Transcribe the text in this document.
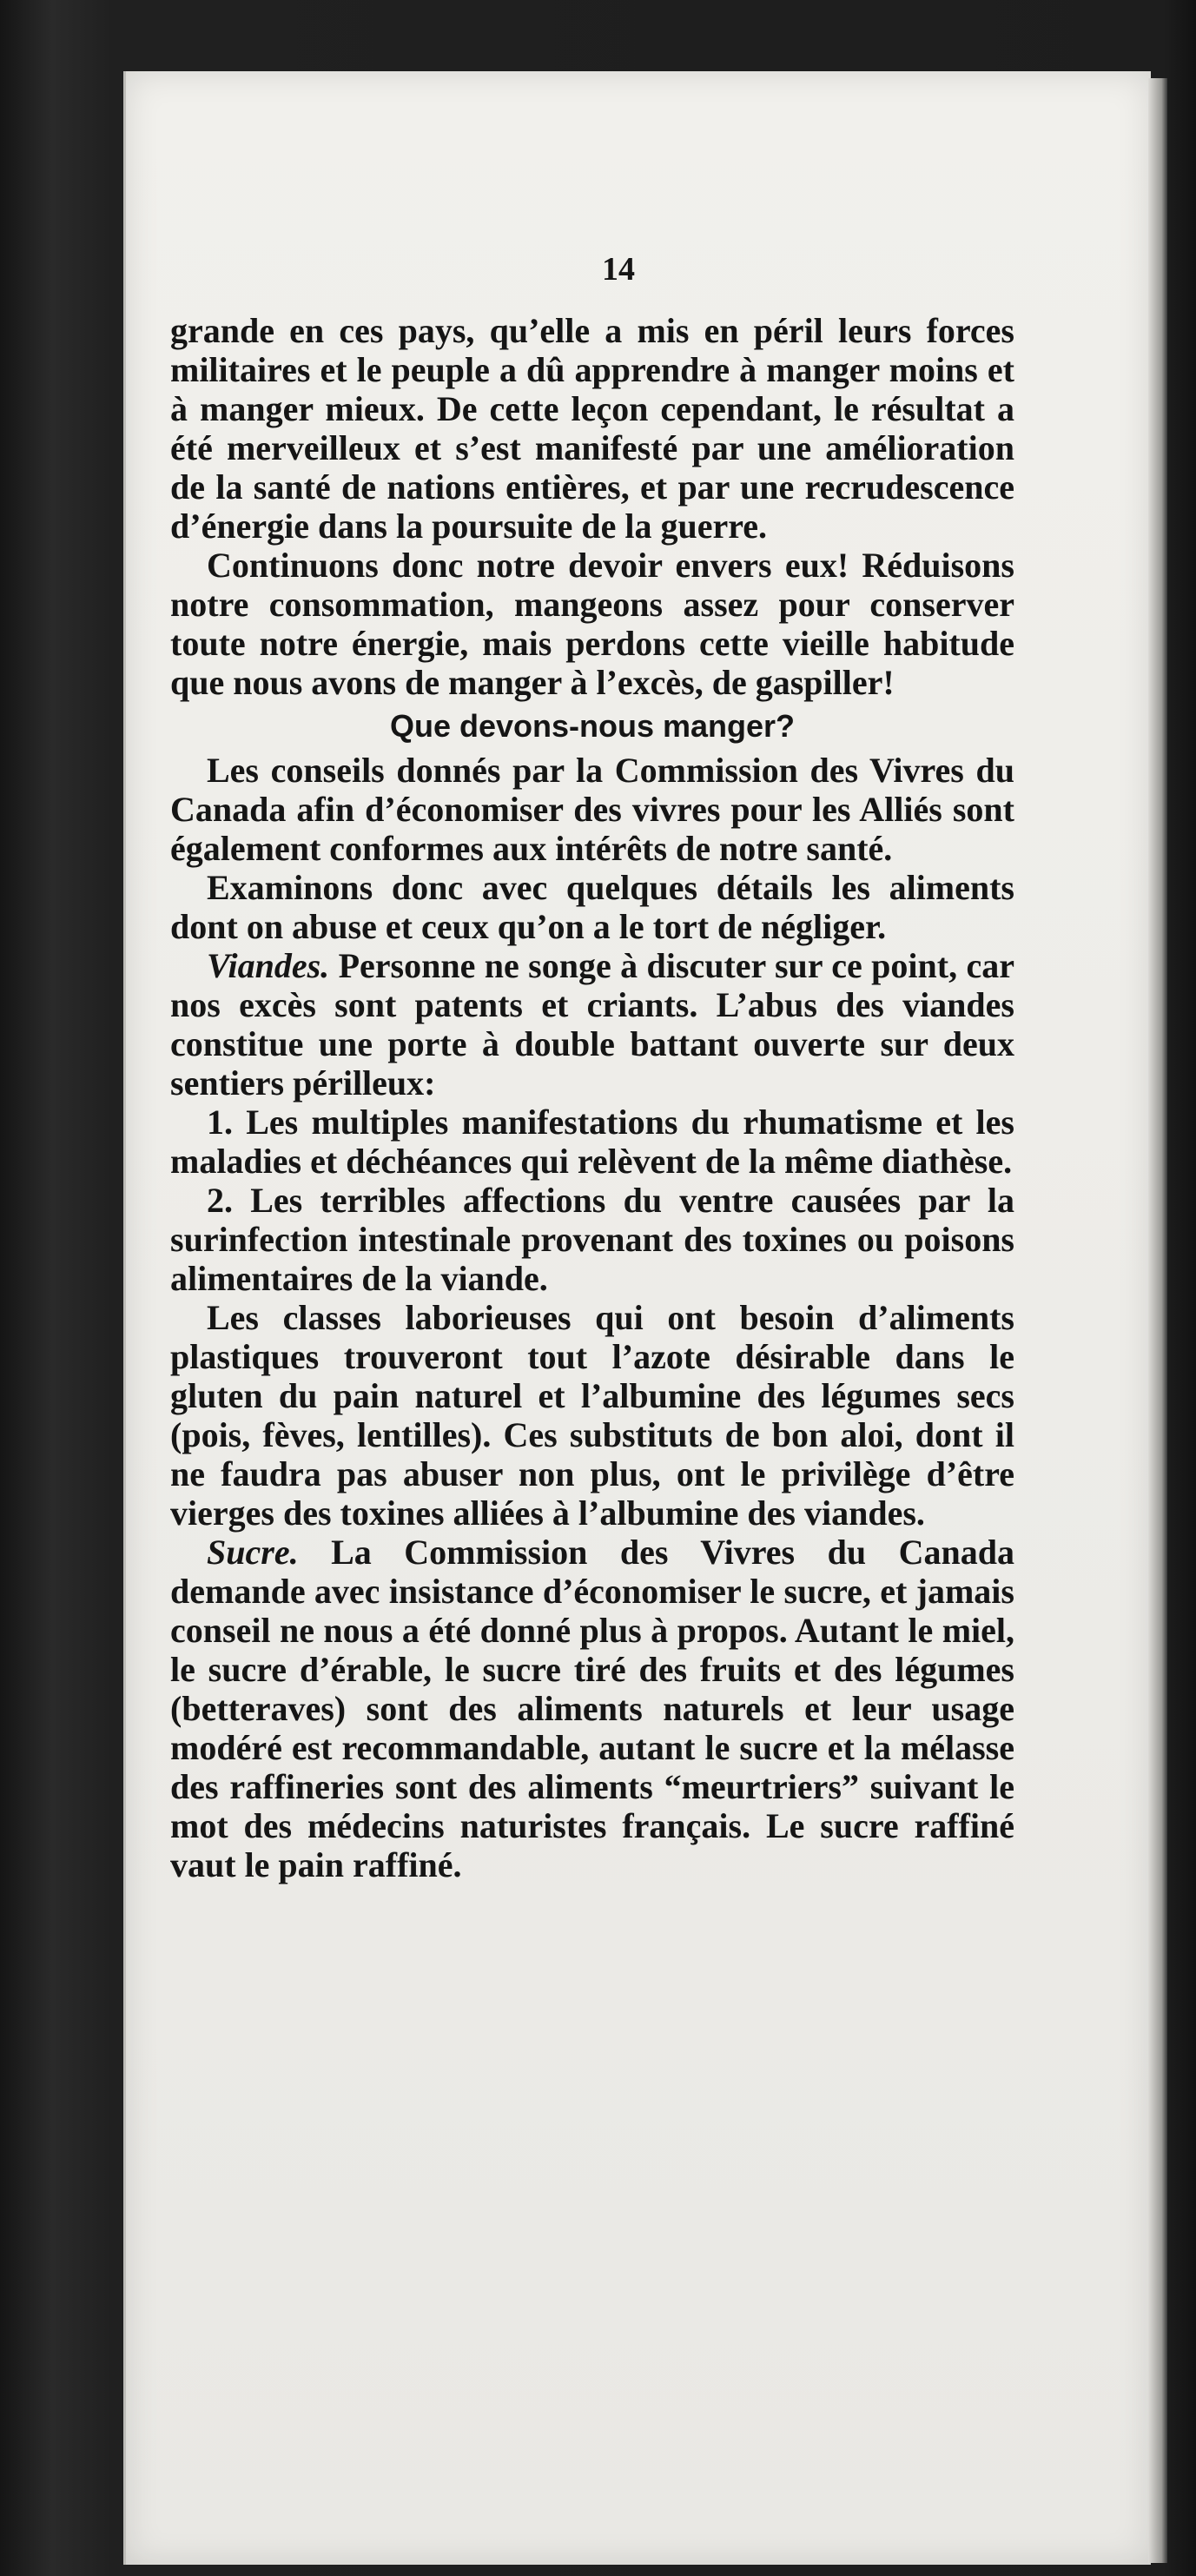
14

grande en ces pays, qu’elle a mis en péril leurs forces militaires et le peuple a dû apprendre à manger moins et à manger mieux. De cette leçon cependant, le résultat a été merveilleux et s’est manifesté par une amélioration de la santé de nations entières, et par une recrudescence d’énergie dans la poursuite de la guerre.

Continuons donc notre devoir envers eux! Réduisons notre consommation, mangeons assez pour conserver toute notre énergie, mais perdons cette vieille habitude que nous avons de manger à l’excès, de gaspiller!

Que devons-nous manger?

Les conseils donnés par la Commission des Vivres du Canada afin d’économiser des vivres pour les Alliés sont également conformes aux intérêts de notre santé.

Examinons donc avec quelques détails les aliments dont on abuse et ceux qu’on a le tort de négliger.

Viandes. Personne ne songe à discuter sur ce point, car nos excès sont patents et criants. L’abus des viandes constitue une porte à double battant ouverte sur deux sentiers périlleux:

1. Les multiples manifestations du rhumatisme et les maladies et déchéances qui relèvent de la même diathèse.

2. Les terribles affections du ventre causées par la surinfection intestinale provenant des toxines ou poisons alimentaires de la viande.

Les classes laborieuses qui ont besoin d’aliments plastiques trouveront tout l’azote désirable dans le gluten du pain naturel et l’albumine des légumes secs (pois, fèves, lentilles). Ces substituts de bon aloi, dont il ne faudra pas abuser non plus, ont le privilège d’être vierges des toxines alliées à l’albumine des viandes.

Sucre. La Commission des Vivres du Canada demande avec insistance d’économiser le sucre, et jamais conseil ne nous a été donné plus à propos. Autant le miel, le sucre d’érable, le sucre tiré des fruits et des légumes (betteraves) sont des aliments naturels et leur usage modéré est recommandable, autant le sucre et la mélasse des raffineries sont des aliments “meurtriers” suivant le mot des médecins naturistes français. Le sucre raffiné vaut le pain raffiné.
